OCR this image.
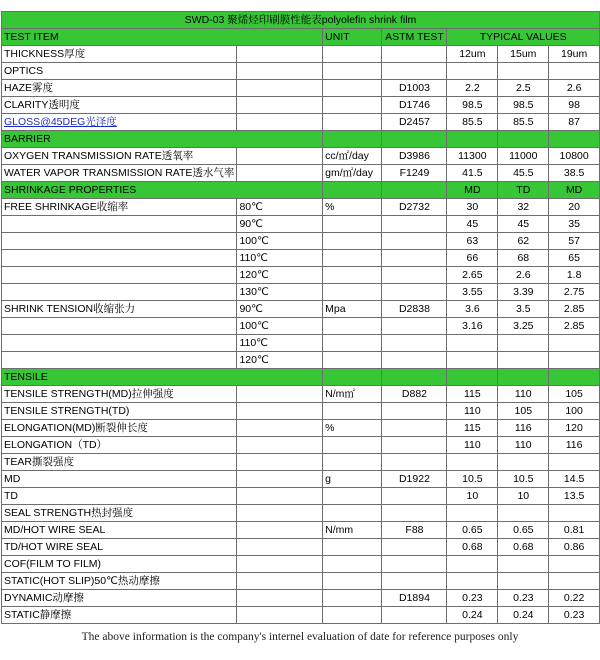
SWD-03 聚烯烃印刷膜性能表polyolefin shrink film						
TEST ITEM		UNIT	ASTM TEST	TYPICAL VALUES		
THICKNESS厚度				12um	15um	19um
OPTICS						
HAZE雾度			D1003	2.2	2.5	2.6
CLARITY透明度			D1746	98.5	98.5	98
GLOSS@45DEG光泽度			D2457	85.5	85.5	87
BARRIER						
OXYGEN TRANSMISSION RATE透氧率		cc/㎡/day	D3986	11300	11000	10800
WATER VAPOR TRANSMISSION RATE透水气率		gm/㎡/day	F1249	41.5	45.5	38.5
SHRINKAGE PROPERTIES				MD	TD	MD
FREE SHRINKAGE收缩率	80℃	%	D2732	30	32	20
	90℃			45	45	35
	100℃			63	62	57
	110℃			66	68	65
	120℃			2.65	2.6	1.8
	130℃			3.55	3.39	2.75
SHRINK TENSION收缩张力	90℃	Mpa	D2838	3.6	3.5	2.85
	100℃			3.16	3.25	2.85
	110℃					
	120℃					
TENSILE						
TENSILE STRENGTH(MD)拉伸强度		N/m㎡	D882	115	110	105
TENSILE STRENGTH(TD)				110	105	100
ELONGATION(MD)断裂伸长度		%		115	116	120
ELONGATION（TD）				110	110	116
TEAR撕裂强度						
MD		g	D1922	10.5	10.5	14.5
TD				10	10	13.5
SEAL STRENGTH热封强度						
MD/HOT WIRE SEAL		N/mm	F88	0.65	0.65	0.81
TD/HOT WIRE SEAL				0.68	0.68	0.86
COF(FILM TO FILM)						
STATIC(HOT SLIP)50℃热动摩擦						
DYNAMIC动摩擦			D1894	0.23	0.23	0.22
STATIC静摩擦				0.24	0.24	0.23
The above information is the company's internel evaluation of date for reference purposes only
